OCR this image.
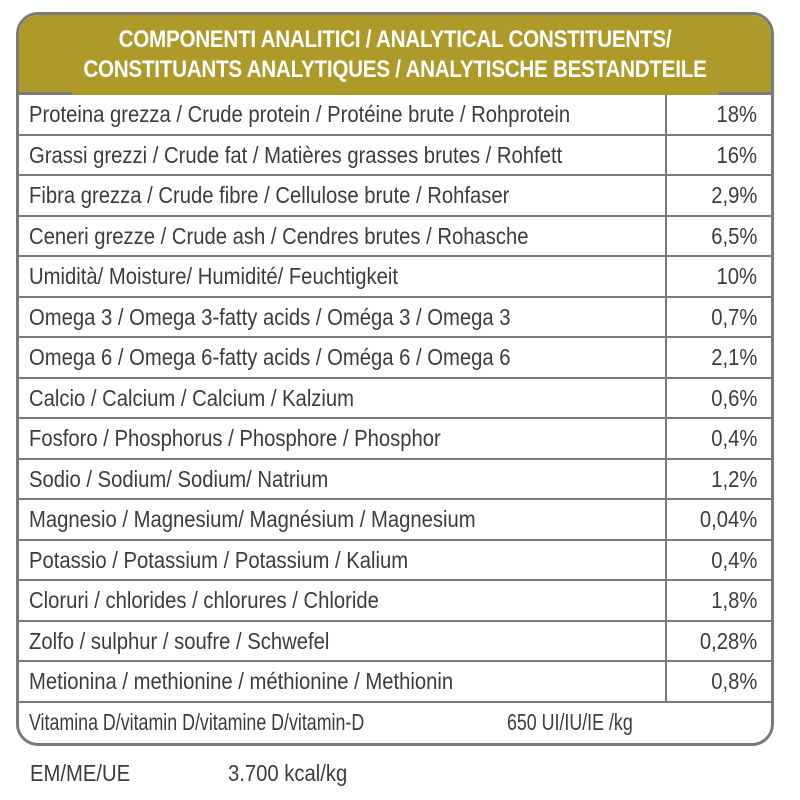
COMPONENTI ANALITICI / ANALYTICAL CONSTITUENTS/
CONSTITUANTS ANALYTIQUES / ANALYTISCHE BESTANDTEILE
Proteina grezza / Crude protein / Protéine brute / Rohprotein	18%
Grassi grezzi / Crude fat / Matières grasses brutes / Rohfett	16%
Fibra grezza / Crude fibre / Cellulose brute / Rohfaser	2,9%
Ceneri grezze / Crude ash / Cendres brutes / Rohasche	6,5%
Umidità/ Moisture/ Humidité/ Feuchtigkeit	10%
Omega 3 / Omega 3-fatty acids / Oméga 3 / Omega 3	0,7%
Omega 6 / Omega 6-fatty acids / Oméga 6 / Omega 6	2,1%
Calcio / Calcium / Calcium / Kalzium	0,6%
Fosforo / Phosphorus / Phosphore / Phosphor	0,4%
Sodio / Sodium/ Sodium/ Natrium	1,2%
Magnesio / Magnesium/ Magnésium / Magnesium	0,04%
Potassio / Potassium / Potassium / Kalium	0,4%
Cloruri / chlorides / chlorures / Chloride	1,8%
Zolfo / sulphur / soufre / Schwefel	0,28%
Metionina / methionine / méthionine / Methionin	0,8%
Vitamina D/vitamin D/vitamine D/vitamin-D	650 UI/IU/IE /kg
EM/ME/UE	3.700 kcal/kg
